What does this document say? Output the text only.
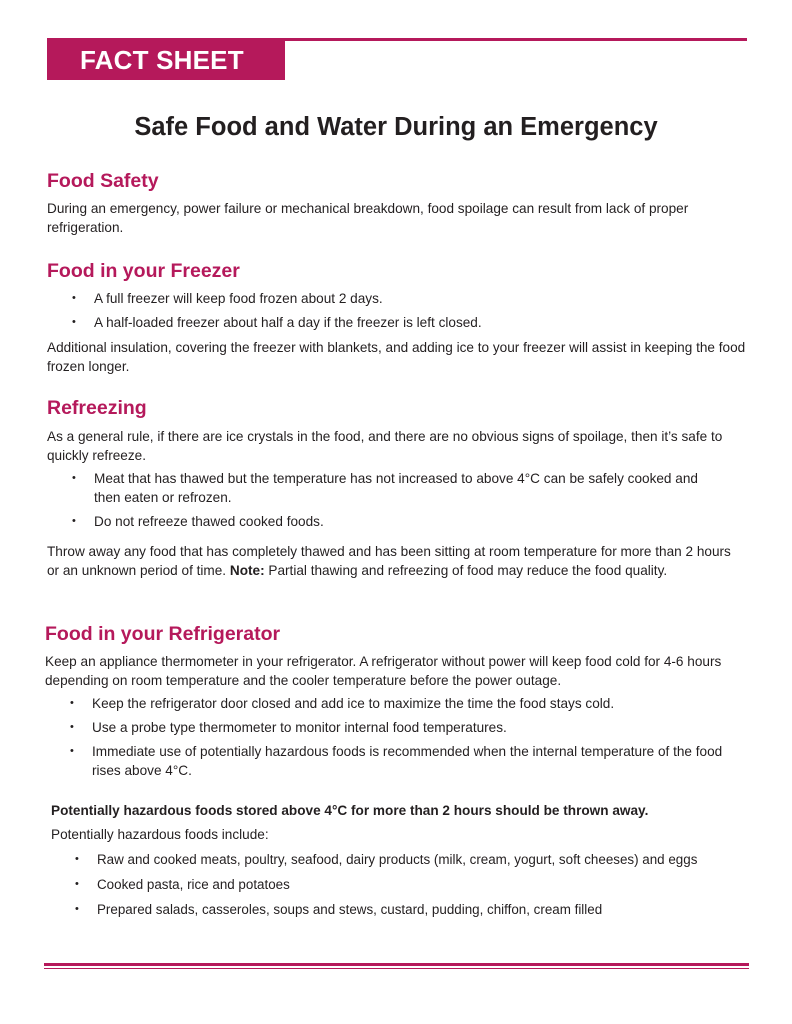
FACT SHEET
Safe Food and Water During an Emergency
Food Safety

During an emergency, power failure or mechanical breakdown, food spoilage can result from lack of proper refrigeration.

Food in your Freezer
• A full freezer will keep food frozen about 2 days.
• A half-loaded freezer about half a day if the freezer is left closed.

Additional insulation, covering the freezer with blankets, and adding ice to your freezer will assist in keeping the food frozen longer.

Refreezing

As a general rule, if there are ice crystals in the food, and there are no obvious signs of spoilage, then it’s safe to quickly refreeze.

• Meat that has thawed but the temperature has not increased to above 4°C can be safely cooked and then eaten or refrozen.
• Do not refreeze thawed cooked foods.

Throw away any food that has completely thawed and has been sitting at room temperature for more than 2 hours or an unknown period of time. Note: Partial thawing and refreezing of food may reduce the food quality.

Food in your Refrigerator

Keep an appliance thermometer in your refrigerator. A refrigerator without power will keep food cold for 4-6 hours depending on room temperature and the cooler temperature before the power outage.

• Keep the refrigerator door closed and add ice to maximize the time the food stays cold.
• Use a probe type thermometer to monitor internal food temperatures.
• Immediate use of potentially hazardous foods is recommended when the internal temperature of the food rises above 4°C.

Potentially hazardous foods stored above 4°C for more than 2 hours should be thrown away.

Potentially hazardous foods include:

• Raw and cooked meats, poultry, seafood, dairy products (milk, cream, yogurt, soft cheeses) and eggs
• Cooked pasta, rice and potatoes
• Prepared salads, casseroles, soups and stews, custard, pudding, chiffon, cream filled
